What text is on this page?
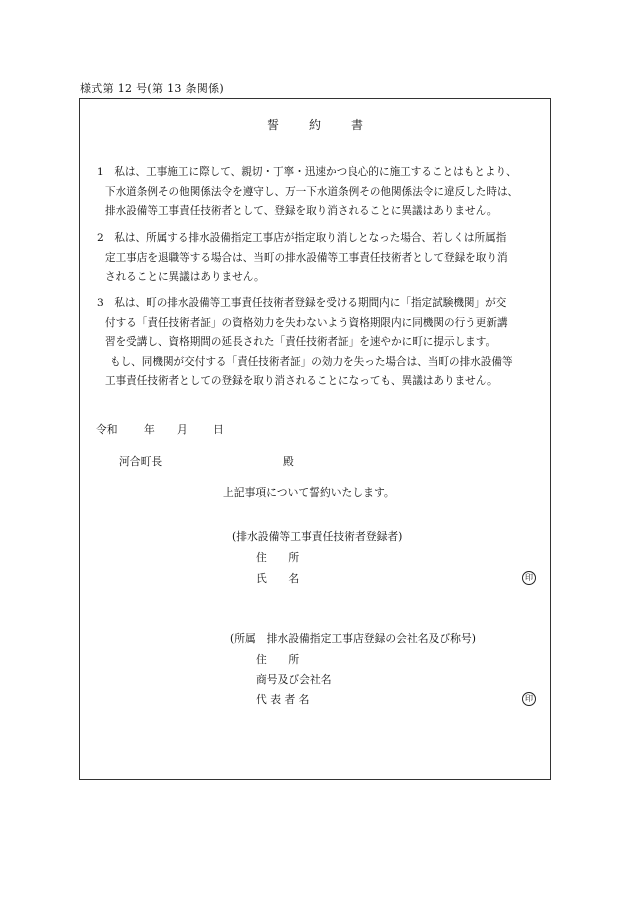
様式第 12 号(第 13 条関係)
誓約書
1　 私は、工事施工に際して、親切・丁寧・迅速かつ良心的に施工することはもとより、
下水道条例その他関係法令を遵守し、万一下水道条例その他関係法令に違反した時は、
排水設備等工事責任技術者として、登録を取り消されることに異議はありません。
2　 私は、所属する排水設備指定工事店が指定取り消しとなった場合、若しくは所属指
定工事店を退職等する場合は、当町の排水設備等工事責任技術者として登録を取り消
されることに異議はありません。
3　 私は、町の排水設備等工事責任技術者登録を受ける期間内に「指定試験機関」が交
付する「責任技術者証」の資格効力を失わないよう資格期限内に同機関の行う更新講
習を受講し、資格期間の延長された「責任技術者証」を速やかに町に提示します。
もし、同機関が交付する「責任技術者証」の効力を失った場合は、当町の排水設備等
工事責任技術者としての登録を取り消されることになっても、異議はありません。
令和 年 月 日
河合町長	殿
上記事項について誓約いたします。
(排水設備等工事責任技術者登録者)
住　　所
氏　　名	印
(所属　排水設備指定工事店登録の会社名及び称号)
住　　所
商号及び会社名
代 表 者 名	印
